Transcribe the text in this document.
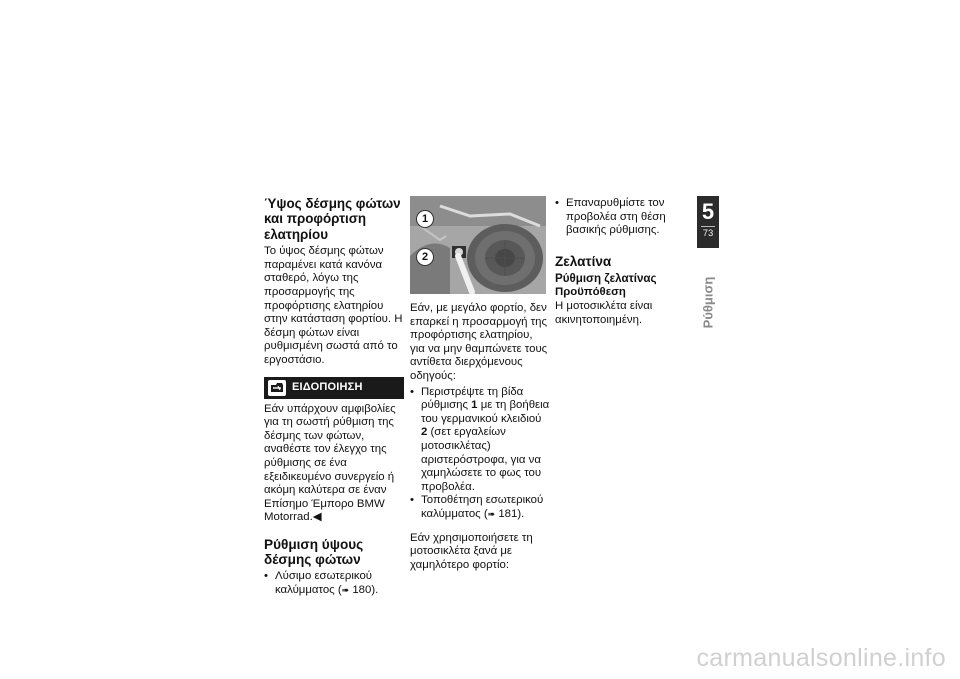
Ύψος δέσμης φώτων και προφόρτιση ελατηρίου

Το ύψος δέσμης φώτων παραμένει κατά κανόνα σταθερό, λόγω της προσαρμογής της προφόρτισης ελατηρίου στην κατάσταση φορτίου. Η δέσμη φώτων είναι ρυθμισμένη σωστά από το εργοστάσιο.

ΕΙΔΟΠΟΙΗΣΗ

Εάν υπάρχουν αμφιβολίες για τη σωστή ρύθμιση της δέσμης των φώτων, αναθέστε τον έλεγχο της ρύθμισης σε ένα εξειδικευμένο συνεργείο ή ακόμη καλύτερα σε έναν Επίσημο Έμπορο BMW Motorrad.◀

Ρύθμιση ύψους δέσμης φώτων
• Λύσιμο εσωτερικού καλύμματος (➠ 180).
1
2

Εάν, με μεγάλο φορτίο, δεν επαρκεί η προσαρμογή της προφόρτισης ελατηρίου, για να μην θαμπώνετε τους αντίθετα διερχόμενους οδηγούς:

• Περιστρέψτε τη βίδα ρύθμισης 1 με τη βοήθεια του γερμανικού κλειδιού 2 (σετ εργαλείων μοτοσικλέτας) αριστερόστροφα, για να χαμηλώσετε το φως του προβολέα.
• Τοποθέτηση εσωτερικού καλύμματος (➠ 181).

Εάν χρησιμοποιήσετε τη μοτοσικλέτα ξανά με χαμηλότερο φορτίο:

• Επαναρυθμίστε τον προβολέα στη θέση βασικής ρύθμισης.
Ζελατίνα
Ρύθμιση ζελατίνας
Προϋπόθεση

Η μοτοσικλέτα είναι ακινητοποιημένη.

5
73
Ρύθμιση
carmanualsonline.info
